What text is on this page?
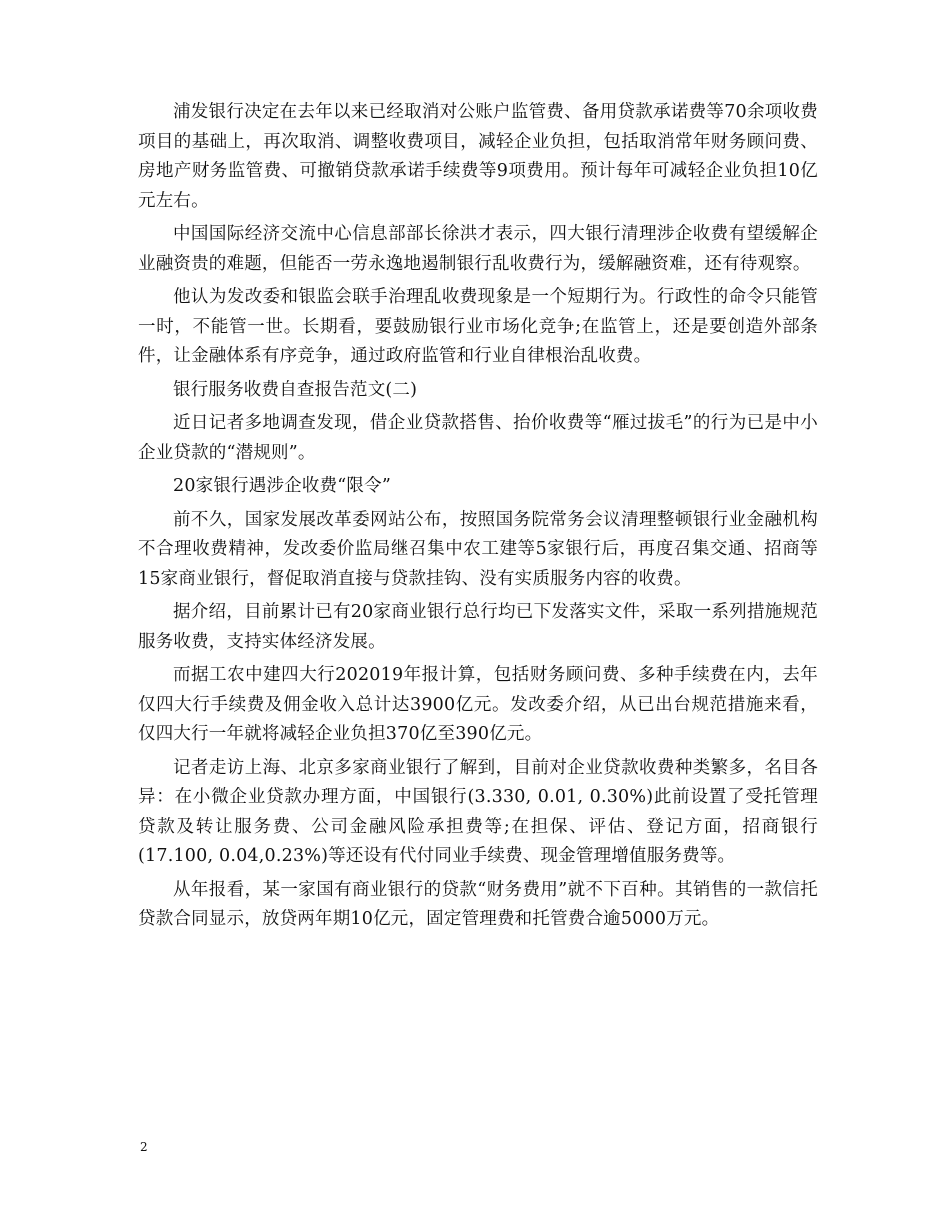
浦发银行决定在去年以来已经取消对公账户监管费、备用贷款承诺费等70余项收费项目的基础上，再次取消、调整收费项目，减轻企业负担，包括取消常年财务顾问费、房地产财务监管费、可撤销贷款承诺手续费等9项费用。预计每年可减轻企业负担10亿元左右。

中国国际经济交流中心信息部部长徐洪才表示，四大银行清理涉企收费有望缓解企业融资贵的难题，但能否一劳永逸地遏制银行乱收费行为，缓解融资难，还有待观察。

他认为发改委和银监会联手治理乱收费现象是一个短期行为。行政性的命令只能管一时，不能管一世。长期看，要鼓励银行业市场化竞争;在监管上，还是要创造外部条件，让金融体系有序竞争，通过政府监管和行业自律根治乱收费。

银行服务收费自查报告范文(二)

近日记者多地调查发现，借企业贷款搭售、抬价收费等“雁过拔毛”的行为已是中小企业贷款的“潜规则”。

20家银行遇涉企收费“限令”

前不久，国家发展改革委网站公布，按照国务院常务会议清理整顿银行业金融机构不合理收费精神，发改委价监局继召集中农工建等5家银行后，再度召集交通、招商等15家商业银行，督促取消直接与贷款挂钩、没有实质服务内容的收费。

据介绍，目前累计已有20家商业银行总行均已下发落实文件，采取一系列措施规范服务收费，支持实体经济发展。

而据工农中建四大行202019年报计算，包括财务顾问费、多种手续费在内，去年仅四大行手续费及佣金收入总计达3900亿元。发改委介绍，从已出台规范措施来看，仅四大行一年就将减轻企业负担370亿至390亿元。

记者走访上海、北京多家商业银行了解到，目前对企业贷款收费种类繁多，名目各异：在小微企业贷款办理方面，中国银行(3.330, 0.01, 0.30%)此前设置了受托管理贷款及转让服务费、公司金融风险承担费等;在担保、评估、登记方面，招商银行(17.100, 0.04,0.23%)等还设有代付同业手续费、现金管理增值服务费等。

从年报看，某一家国有商业银行的贷款“财务费用”就不下百种。其销售的一款信托贷款合同显示，放贷两年期10亿元，固定管理费和托管费合逾5000万元。

2
